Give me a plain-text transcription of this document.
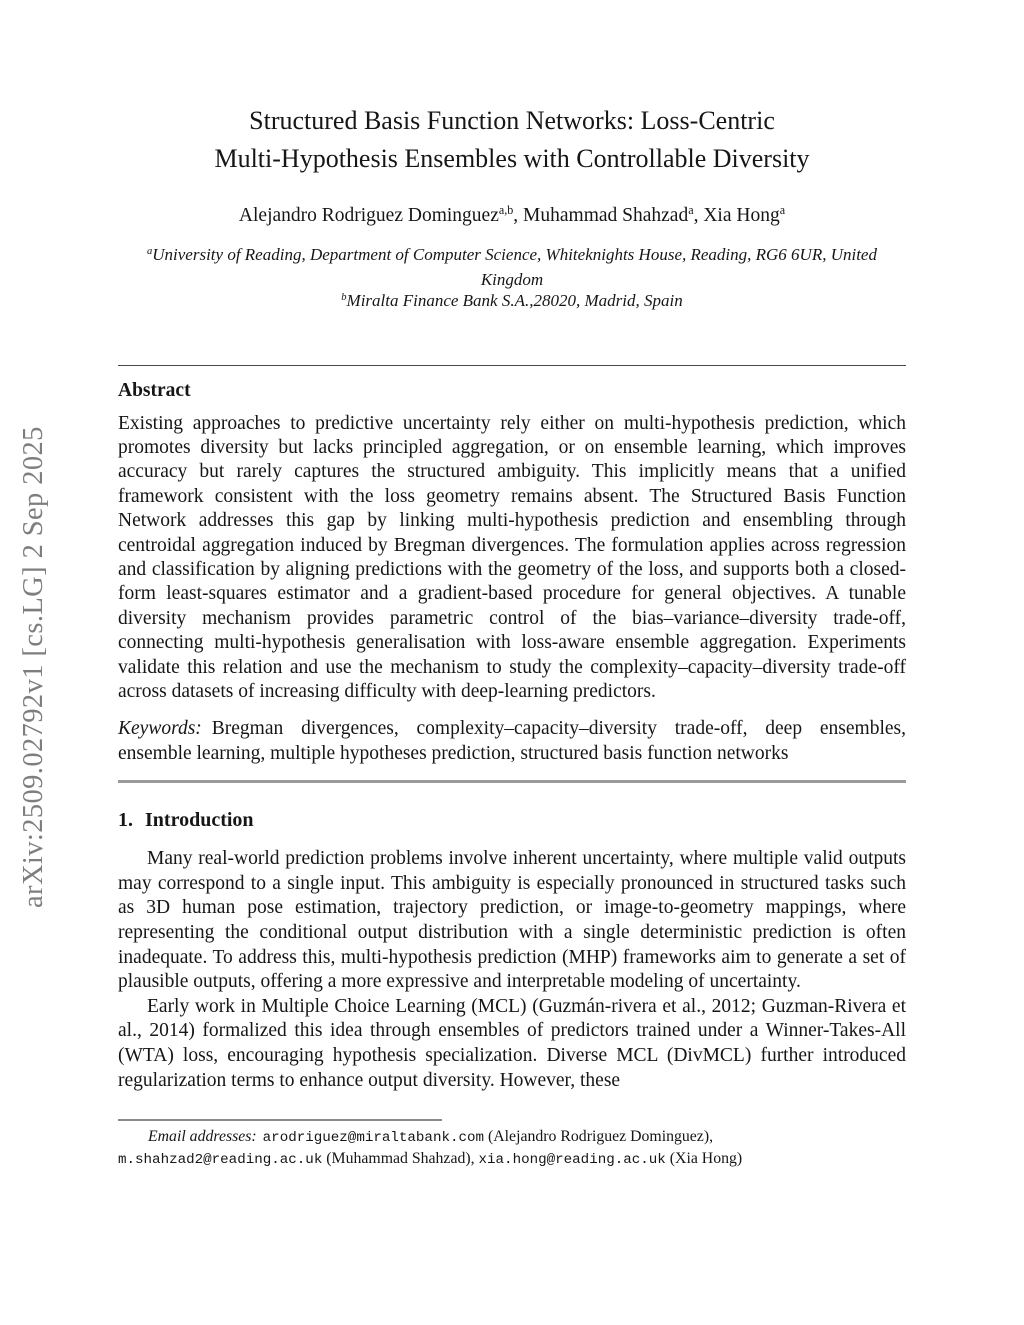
arXiv:2509.02792v1 [cs.LG] 2 Sep 2025
Structured Basis Function Networks: Loss-Centric
Multi-Hypothesis Ensembles with Controllable Diversity
Alejandro Rodriguez Dominguez$^{a,b}$, Muhammad Shahzad$^a$, Xia Hong$^a$
$^a$University of Reading, Department of Computer Science, Whiteknights House, Reading, RG6 6UR, United Kingdom
$^b$Miralta Finance Bank S.A.,28020, Madrid, Spain
Abstract

Existing approaches to predictive uncertainty rely either on multi-hypothesis prediction, which promotes diversity but lacks principled aggregation, or on ensemble learning, which improves accuracy but rarely captures the structured ambiguity. This implicitly means that a unified framework consistent with the loss geometry remains absent. The Structured Basis Function Network addresses this gap by linking multi-hypothesis prediction and ensembling through centroidal aggregation induced by Bregman divergences. The formulation applies across regression and classification by aligning predictions with the geometry of the loss, and supports both a closed-form least-squares estimator and a gradient-based procedure for general objectives. A tunable diversity mechanism provides parametric control of the bias–variance–diversity trade-off, connecting multi-hypothesis generalisation with loss-aware ensemble aggregation. Experiments validate this relation and use the mechanism to study the complexity–capacity–diversity trade-off across datasets of increasing difficulty with deep-learning predictors.

Keywords: Bregman divergences, complexity–capacity–diversity trade-off, deep ensembles, ensemble learning, multiple hypotheses prediction, structured basis function networks

1. Introduction

Many real-world prediction problems involve inherent uncertainty, where multiple valid outputs may correspond to a single input. This ambiguity is especially pronounced in structured tasks such as 3D human pose estimation, trajectory prediction, or image-to-geometry mappings, where representing the conditional output distribution with a single deterministic prediction is often inadequate. To address this, multi-hypothesis prediction (MHP) frameworks aim to generate a set of plausible outputs, offering a more expressive and interpretable modeling of uncertainty.

Early work in Multiple Choice Learning (MCL) (Guzmán-rivera et al., 2012; Guzman-Rivera et al., 2014) formalized this idea through ensembles of predictors trained under a Winner-Takes-All (WTA) loss, encouraging hypothesis specialization. Diverse MCL (DivMCL) further introduced regularization terms to enhance output diversity. However, these

Email addresses: arodriguez@miraltabank.com (Alejandro Rodriguez Dominguez), m.shahzad2@reading.ac.uk (Muhammad Shahzad), xia.hong@reading.ac.uk (Xia Hong)
